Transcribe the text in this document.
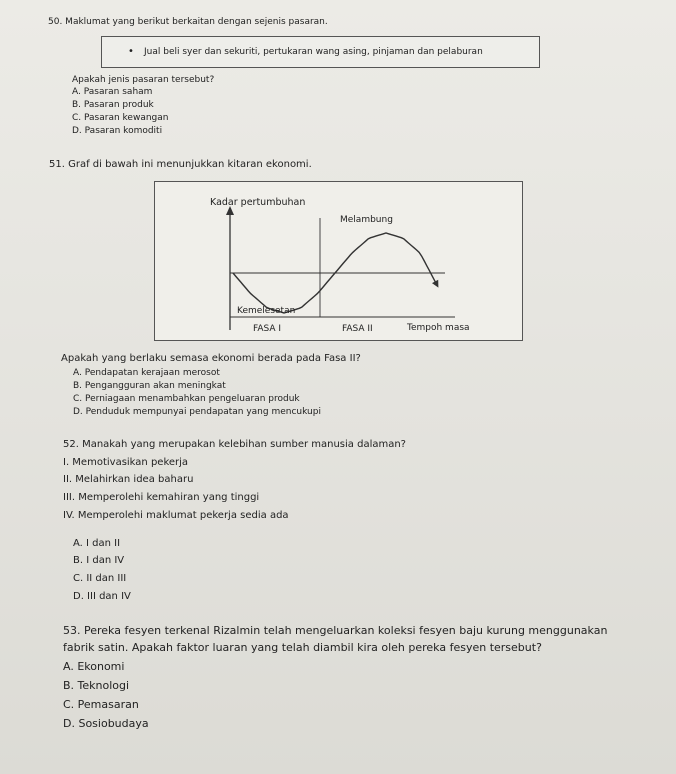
50. Maklumat yang berikut berkaitan dengan sejenis pasaran.
• Jual beli syer dan sekuriti, pertukaran wang asing, pinjaman dan pelaburan
Apakah jenis pasaran tersebut?
A. Pasaran saham
B. Pasaran produk
C. Pasaran kewangan
D. Pasaran komoditi
51. Graf di bawah ini menunjukkan kitaran ekonomi.
Kadar pertumbuhan
Melambung
Kemelesetan
FASA I	FASA II	Tempoh masa
Apakah yang berlaku semasa ekonomi berada pada Fasa II?
A. Pendapatan kerajaan merosot
B. Pengangguran akan meningkat
C. Perniagaan menambahkan pengeluaran produk
D. Penduduk mempunyai pendapatan yang mencukupi
52. Manakah yang merupakan kelebihan sumber manusia dalaman?
I. Memotivasikan pekerja
II. Melahirkan idea baharu
III. Memperolehi kemahiran yang tinggi
IV. Memperolehi maklumat pekerja sedia ada
A. I dan II
B. I dan IV
C. II dan III
D. III dan IV
53. Pereka fesyen terkenal Rizalmin telah mengeluarkan koleksi fesyen baju kurung menggunakan
fabrik satin. Apakah faktor luaran yang telah diambil kira oleh pereka fesyen tersebut?
A. Ekonomi
B. Teknologi
C. Pemasaran
D. Sosiobudaya
